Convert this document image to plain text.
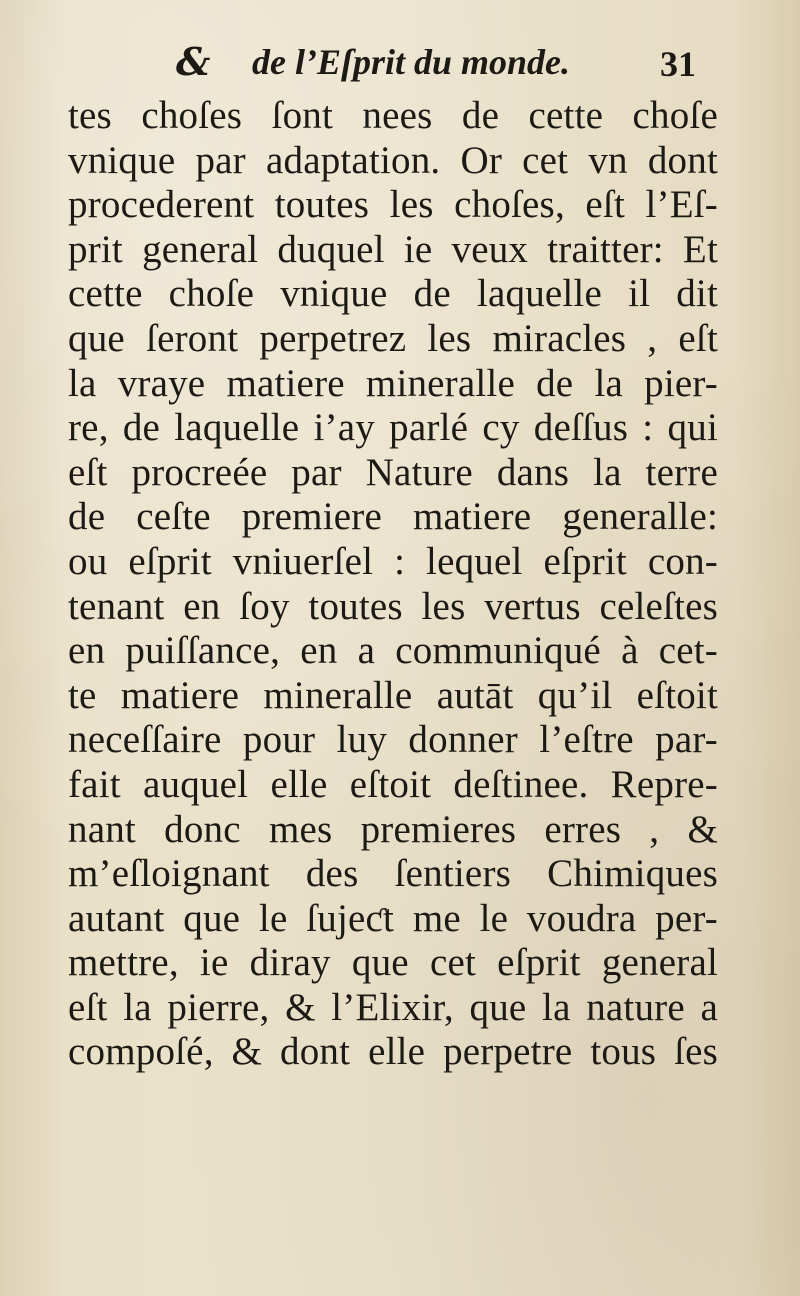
& de l’Eſprit du monde. 31
tes choſes ſont nees de cette choſe
vnique par adaptation. Or cet vn dont
procederent toutes les choſes, eſt l’Eſ-
prit general duquel ie veux traitter: Et
cette choſe vnique de laquelle il dit
que ſeront perpetrez les miracles , eſt
la vraye matiere mineralle de la pier-
re, de laquelle i’ay parlé cy deſſus : qui
eſt procreée par Nature dans la terre
de ceſte premiere matiere generalle:
ou eſprit vniuerſel : lequel eſprit con-
tenant en ſoy toutes les vertus celeſtes
en puiſſance, en a communiqué à cet-
te matiere mineralle autāt qu’il eſtoit
neceſſaire pour luy donner l’eſtre par-
fait auquel elle eſtoit deſtinee. Repre-
nant donc mes premieres erres , &
m’eſloignant des ſentiers Chimiques
autant que le ſujeƈt me le voudra per-
mettre, ie diray que cet eſprit general
eſt la pierre, & l’Elixir, que la nature a
compoſé, & dont elle perpetre tous ſes
